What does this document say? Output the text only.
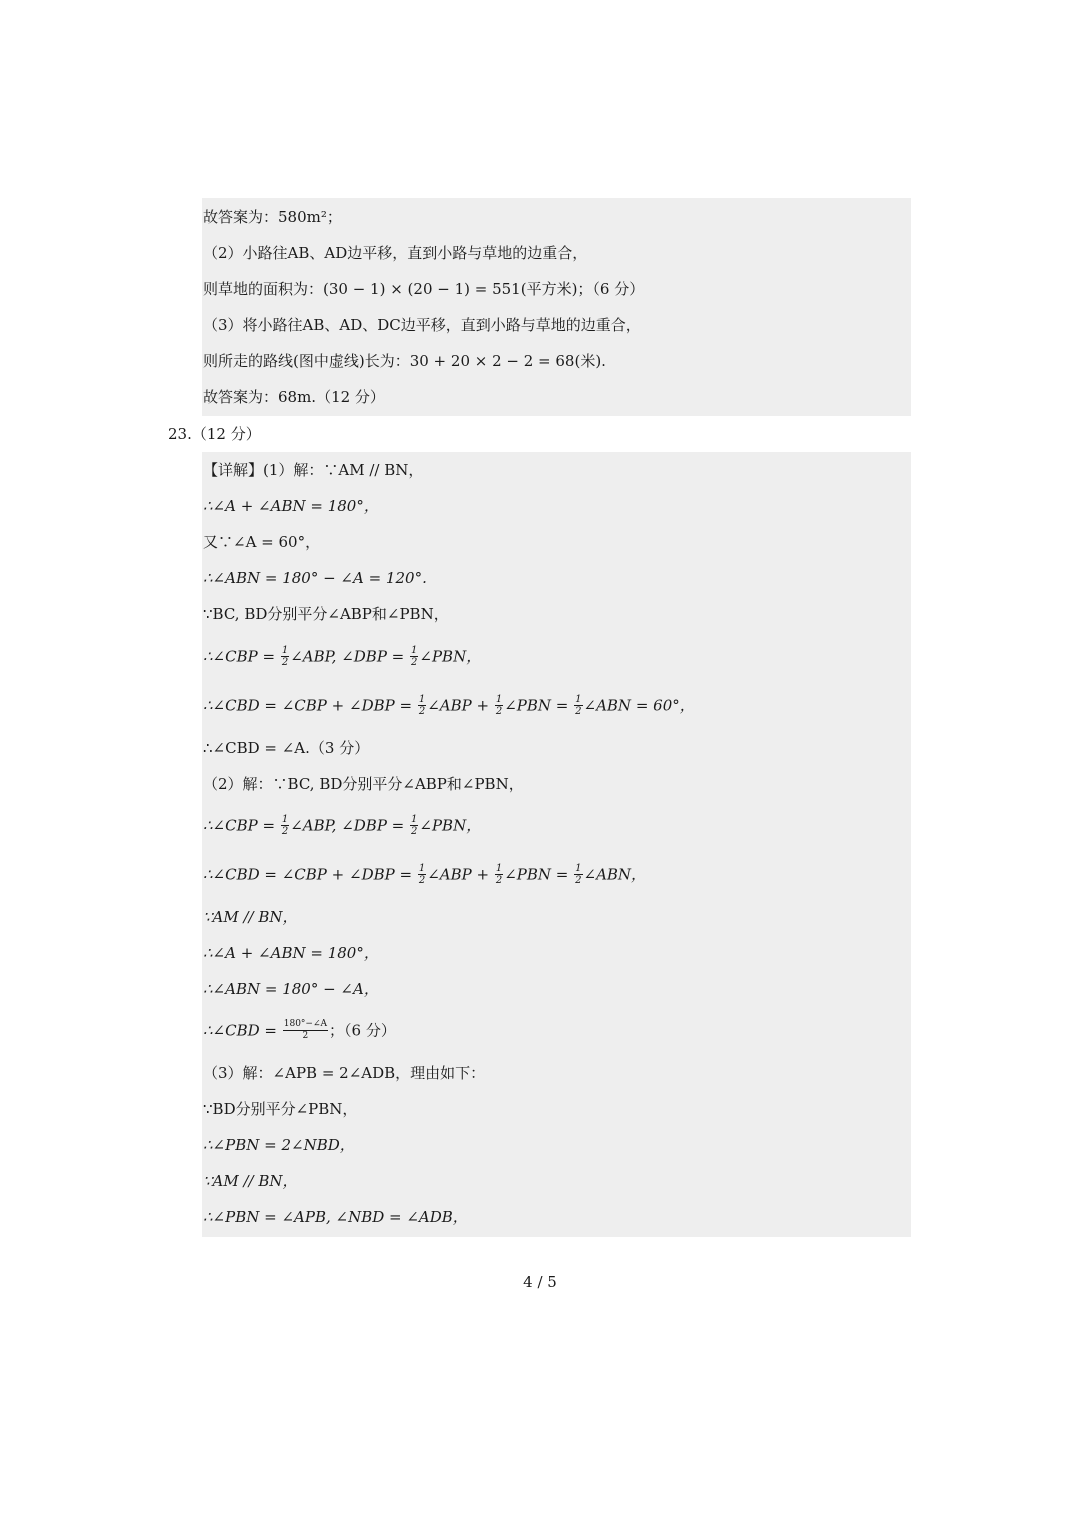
故答案为：580m²；
（2）小路往AB、AD边平移，直到小路与草地的边重合，
则草地的面积为：(30 − 1) × (20 − 1) = 551(平方米)；（6 分）
（3）将小路往AB、AD、DC边平移，直到小路与草地的边重合，
则所走的路线(图中虚线)长为：30 + 20 × 2 − 2 = 68(米).
故答案为：68m.（12 分）
23.（12 分）
【详解】(1）解：∵AM // BN，
∴∠A + ∠ABN = 180°，
又∵∠A = 60°，
∴∠ABN = 180° − ∠A = 120°.
∵BC, BD分别平分∠ABP和∠PBN，
∴∠CBP = $\frac{1}{2}$ ∠ABP, ∠DBP = $\frac{1}{2}$ ∠PBN，
∴∠CBD = ∠CBP + ∠DBP = $\frac{1}{2}$ ∠ABP + $\frac{1}{2}$ ∠PBN = $\frac{1}{2}$ ∠ABN = 60°，
∴∠CBD = ∠A.（3 分）
（2）解：∵BC, BD分别平分∠ABP和∠PBN，
∴∠CBP = $\frac{1}{2}$ ∠ABP, ∠DBP = $\frac{1}{2}$ ∠PBN，
∴∠CBD = ∠CBP + ∠DBP = $\frac{1}{2}$ ∠ABP + $\frac{1}{2}$ ∠PBN = $\frac{1}{2}$ ∠ABN，
∵AM // BN，
∴∠A + ∠ABN = 180°，
∴∠ABN = 180° − ∠A，
∴∠CBD = $\frac{180^\circ-\angle A}{2}$ ；（6 分）
（3）解：∠APB = 2∠ADB，理由如下：
∵BD分别平分∠PBN，
∴∠PBN = 2∠NBD，
∵AM // BN，
∴∠PBN = ∠APB, ∠NBD = ∠ADB，
4 / 5
